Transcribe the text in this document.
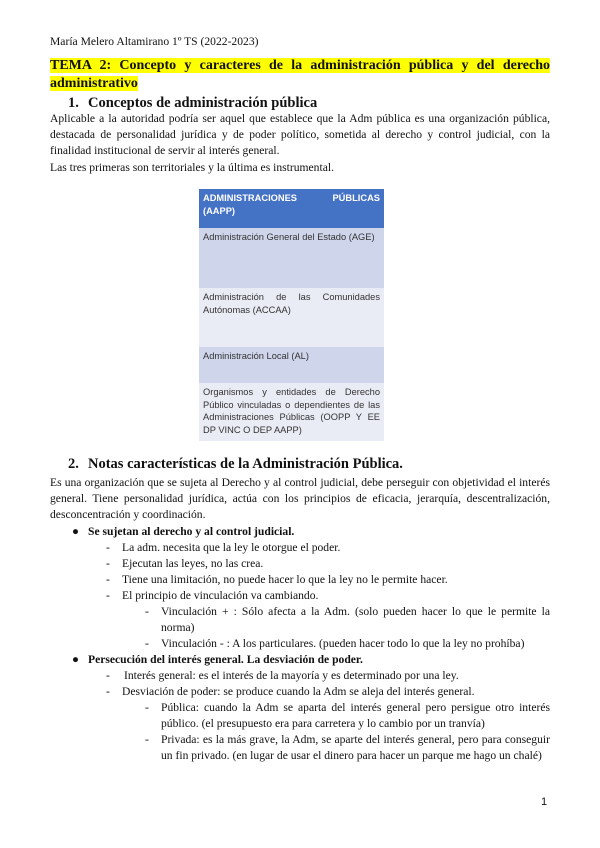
María Melero Altamirano 1º TS (2022-2023)
TEMA 2: Concepto y caracteres de la administración pública y del derecho administrativo
1. Conceptos de administración pública
Aplicable a la autoridad podría ser aquel que establece que la Adm pública es una organización pública, destacada de personalidad jurídica y de poder político, sometida al derecho y control judicial, con la finalidad institucional de servir al interés general.
Las tres primeras son territoriales y la última es instrumental.
ADMINISTRACIONES PÚBLICAS (AAPP)
Administración General del Estado (AGE)
Administración de las Comunidades Autónomas (ACCAA)
Administración Local (AL)
Organismos y entidades de Derecho Público vinculadas o dependientes de las Administraciones Públicas (OOPP Y EE DP VINC O DEP AAPP)
2. Notas características de la Administración Pública.
Es una organización que se sujeta al Derecho y al control judicial, debe perseguir con objetividad el interés general. Tiene personalidad jurídica, actúa con los principios de eficacia, jerarquía, descentralización, desconcentración y coordinación.
● Se sujetan al derecho y al control judicial.
- La adm. necesita que la ley le otorgue el poder.
- Ejecutan las leyes, no las crea.
- Tiene una limitación, no puede hacer lo que la ley no le permite hacer.
- El principio de vinculación va cambiando.
- Vinculación + : Sólo afecta a la Adm. (solo pueden hacer lo que le permite la norma)
- Vinculación - : A los particulares. (pueden hacer todo lo que la ley no prohíba)
● Persecución del interés general. La desviación de poder.
- Interés general: es el interés de la mayoría y es determinado por una ley.
- Desviación de poder: se produce cuando la Adm se aleja del interés general.
- Pública: cuando la Adm se aparta del interés general pero persigue otro interés público. (el presupuesto era para carretera y lo cambio por un tranvía)
- Privada: es la más grave, la Adm, se aparte del interés general, pero para conseguir un fin privado. (en lugar de usar el dinero para hacer un parque me hago un chalé)
1
